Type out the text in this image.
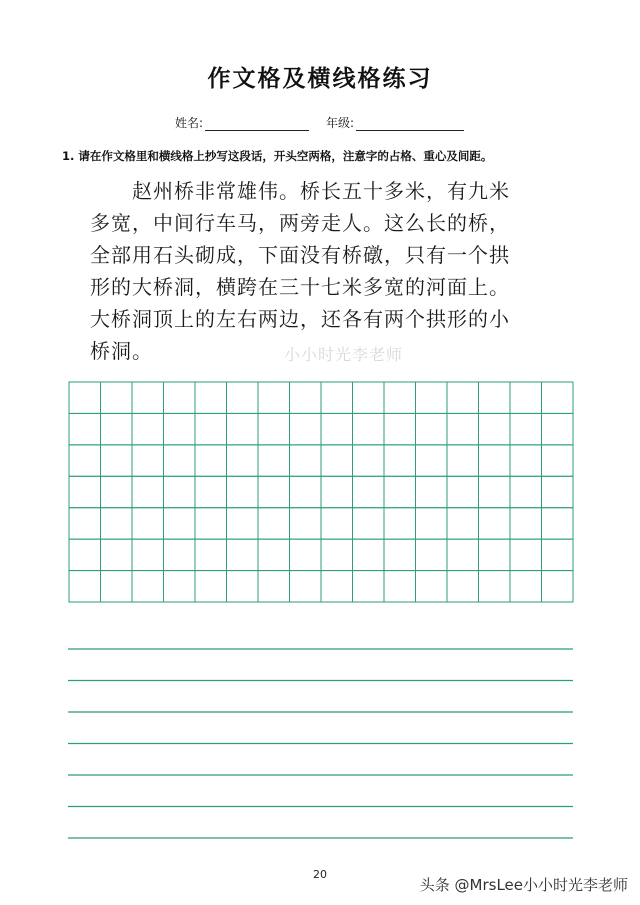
作文格及横线格练习
姓名:	年级:
1. 请在作文格里和横线格上抄写这段话，开头空两格，注意字的占格、重心及间距。

赵州桥非常雄伟。桥长五十多米，有九米

多宽，中间行车马，两旁走人。这么长的桥，

全部用石头砌成，下面没有桥礅，只有一个拱

形的大桥洞，横跨在三十七米多宽的河面上。

大桥洞顶上的左右两边，还各有两个拱形的小

桥洞。	小小时光李老师
20
头条 @MrsLee小小时光李老师
